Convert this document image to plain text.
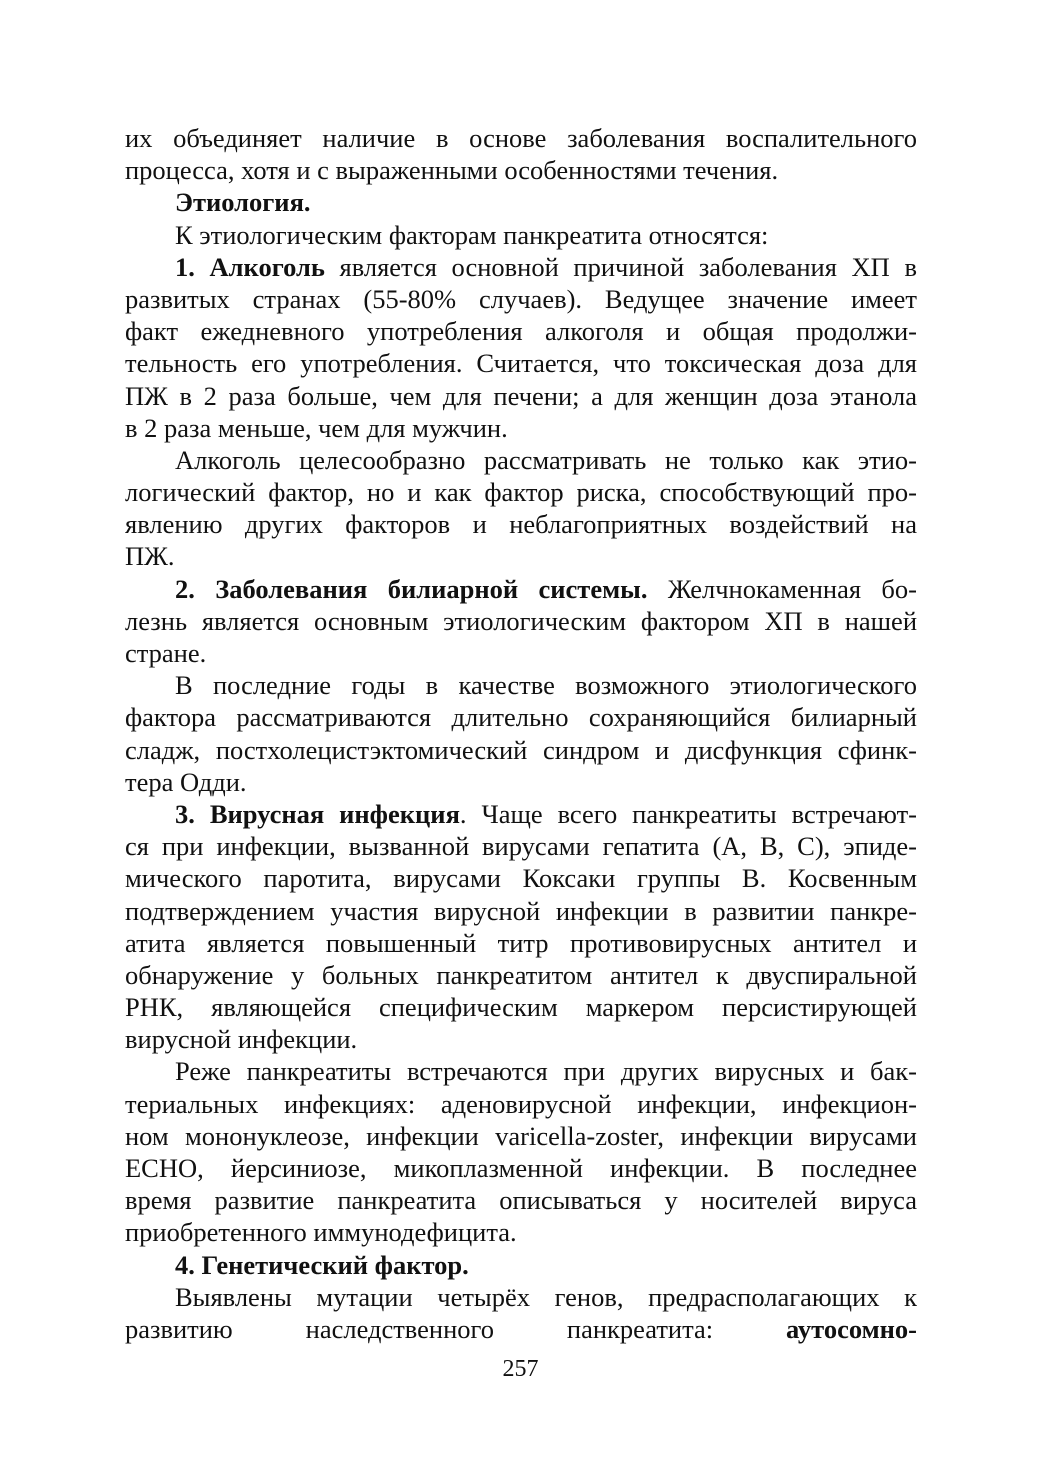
их объединяет наличие в основе заболевания воспалительного
процесса, хотя и с выраженными особенностями течения.
Этиология.
К этиологическим факторам панкреатита относятся:
1. Алкоголь является основной причиной заболевания ХП в
развитых странах (55-80% случаев). Ведущее значение имеет
факт ежедневного употребления алкоголя и общая продолжи-
тельность его употребления. Считается, что токсическая доза для
ПЖ в 2 раза больше, чем для печени; а для женщин доза этанола
в 2 раза меньше, чем для мужчин.
Алкоголь целесообразно рассматривать не только как этио-
логический фактор, но и как фактор риска, способствующий про-
явлению других факторов и неблагоприятных воздействий на
ПЖ.
2. Заболевания билиарной системы. Желчнокаменная бо-
лезнь является основным этиологическим фактором ХП в нашей
стране.
В последние годы в качестве возможного этиологического
фактора рассматриваются длительно сохраняющийся билиарный
сладж, постхолецистэктомический синдром и дисфункция сфинк-
тера Одди.
3. Вирусная инфекция. Чаще всего панкреатиты встречают-
ся при инфекции, вызванной вирусами гепатита (А, В, С), эпиде-
мического паротита, вирусами Коксаки группы В. Косвенным
подтверждением участия вирусной инфекции в развитии панкре-
атита является повышенный титр противовирусных антител и
обнаружение у больных панкреатитом антител к двуспиральной
РНК, являющейся специфическим маркером персистирующей
вирусной инфекции.
Реже панкреатиты встречаются при других вирусных и бак-
териальных инфекциях: аденовирусной инфекции, инфекцион-
ном мононуклеозе, инфекции varicella-zoster, инфекции вирусами
ЕСНО, йерсиниозе, микоплазменной инфекции. В последнее
время развитие панкреатита описываться у носителей вируса
приобретенного иммунодефицита.
4. Генетический фактор.
Выявлены мутации четырёх генов, предрасполагающих к
развитию наследственного панкреатита: аутосомно-
257
